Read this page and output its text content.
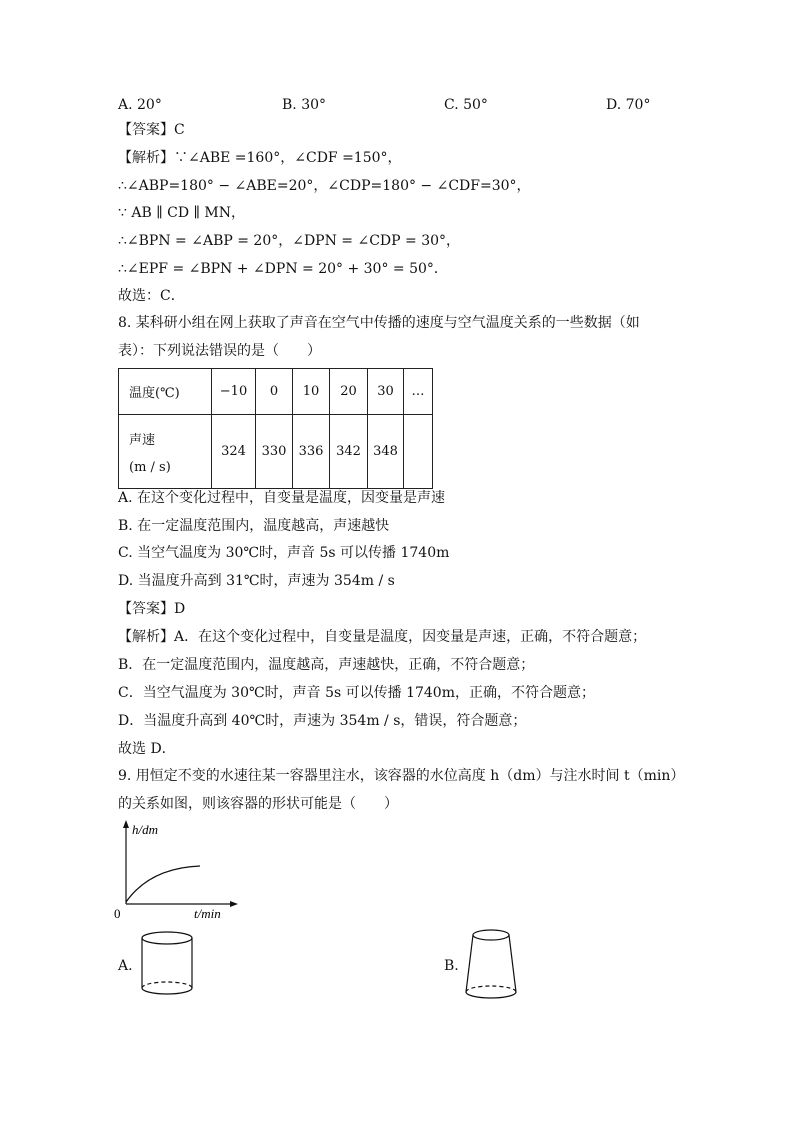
A. 20°	B. 30°	C. 50°	D. 70°
【答案】C
【解析】∵∠ABE =160°，∠CDF =150°，
∴∠ABP=180° − ∠ABE=20°，∠CDP=180° − ∠CDF=30°，
∵ AB ∥ CD ∥ MN，
∴∠BPN = ∠ABP = 20°，∠DPN = ∠CDP = 30°，
∴∠EPF = ∠BPN + ∠DPN = 20° + 30° = 50°．
故选：C．
8. 某科研小组在网上获取了声音在空气中传播的速度与空气温度关系的一些数据（如
表）：下列说法错误的是（　　）
温度(℃)	−10	0	10	20	30	…

声速
(m / s)	324	330	336	342	348	
A. 在这个变化过程中，自变量是温度，因变量是声速
B. 在一定温度范围内，温度越高，声速越快
C. 当空气温度为 30℃时，声音 5s 可以传播 1740m
D. 当温度升高到 31℃时，声速为 354m / s
【答案】D
【解析】A．在这个变化过程中，自变量是温度，因变量是声速，正确，不符合题意；
B．在一定温度范围内，温度越高，声速越快，正确，不符合题意；
C．当空气温度为 30℃时，声音 5s 可以传播 1740m，正确，不符合题意；
D．当温度升高到 40℃时，声速为 354m / s，错误，符合题意；
故选 D．
9. 用恒定不变的水速往某一容器里注水，该容器的水位高度 h（dm）与注水时间 t（min）
的关系如图，则该容器的形状可能是（　　）
h/dm
0	t/min
A.	B.
